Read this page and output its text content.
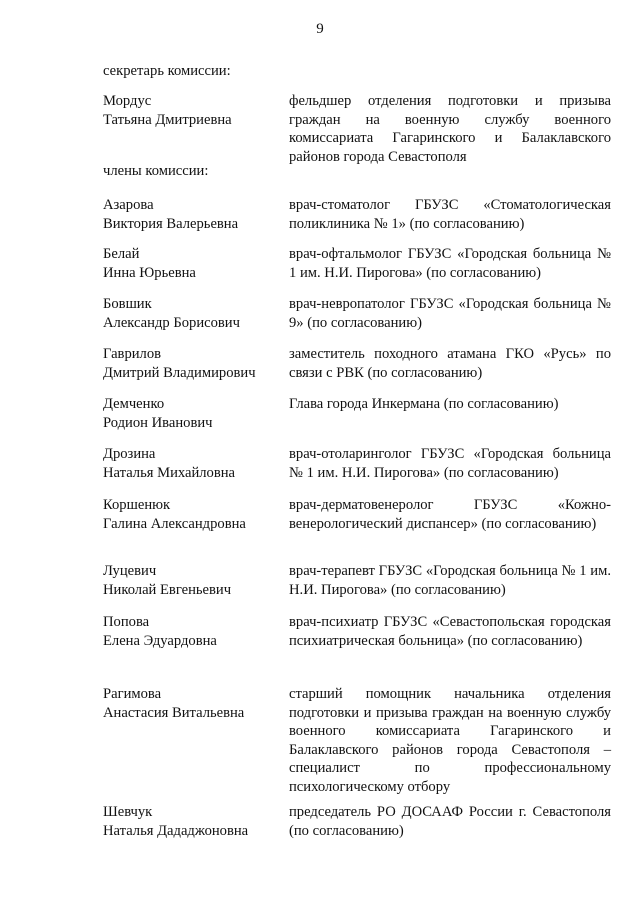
9
секретарь комиссии:
Мордус
Татьяна Дмитриевна
фельдшер отделения подготовки и призыва граждан на военную службу военного комиссариата Гагаринского и Балаклавского районов города Севастополя
члены комиссии:
Азарова
Виктория Валерьевна
врач-стоматолог ГБУЗС «Стоматологическая поликлиника № 1» (по согласованию)
Белай
Инна Юрьевна
врач-офтальмолог ГБУЗС «Городская больница № 1 им. Н.И. Пирогова» (по согласованию)
Бовшик
Александр Борисович
врач-невропатолог ГБУЗС «Городская больница № 9» (по согласованию)
Гаврилов
Дмитрий Владимирович
заместитель походного атамана ГКО «Русь» по связи с РВК (по согласованию)
Демченко
Родион Иванович
Глава города Инкермана (по согласованию)
Дрозина
Наталья Михайловна
врач-отоларинголог ГБУЗС «Городская больница № 1 им. Н.И. Пирогова» (по согласованию)
Коршенюк
Галина Александровна
врач-дерматовенеролог ГБУЗС «Кожно-венерологический диспансер» (по согласованию)
Луцевич
Николай Евгеньевич
врач-терапевт ГБУЗС «Городская больница № 1 им. Н.И. Пирогова» (по согласованию)
Попова
Елена Эдуардовна
врач-психиатр ГБУЗС «Севастопольская городская психиатрическая больница» (по согласованию)
Рагимова
Анастасия Витальевна
старший помощник начальника отделения подготовки и призыва граждан на военную службу военного комиссариата Гагаринского и Балаклавского районов города Севастополя – специалист по профессиональному психологическому отбору
Шевчук
Наталья Дададжоновна
председатель РО ДОСААФ России г. Севастополя (по согласованию)
